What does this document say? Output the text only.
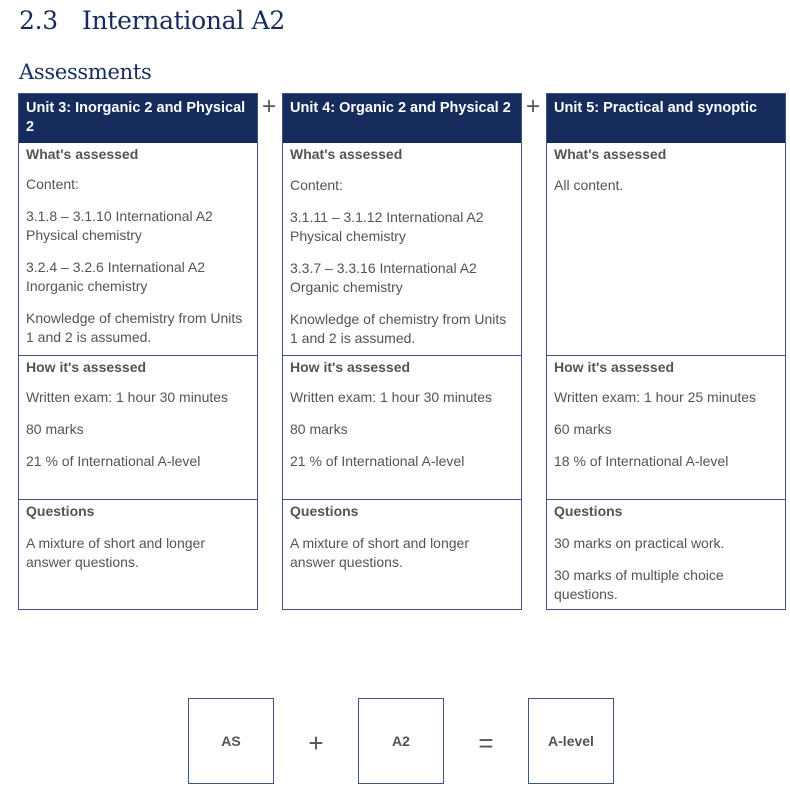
2.3 International A2
Assessments
Unit 3: Inorganic 2 and Physical 2
What's assessed

Content:

3.1.8 – 3.1.10 International A2 Physical chemistry

3.2.4 – 3.2.6 International A2 Inorganic chemistry

Knowledge of chemistry from Units 1 and 2 is assumed.

How it's assessed

Written exam: 1 hour 30 minutes

80 marks

21 % of International A-level

Questions

A mixture of short and longer answer questions.

+ Unit 4: Organic 2 and Physical 2
What's assessed

Content:

3.1.11 – 3.1.12 International A2 Physical chemistry

3.3.7 – 3.3.16 International A2 Organic chemistry

Knowledge of chemistry from Units 1 and 2 is assumed.

How it's assessed

Written exam: 1 hour 30 minutes

80 marks

21 % of International A-level

Questions

A mixture of short and longer answer questions.

+ Unit 5: Practical and synoptic
What's assessed

All content.

How it's assessed

Written exam: 1 hour 25 minutes

60 marks

18 % of International A-level

Questions

30 marks on practical work.

30 marks of multiple choice questions.

AS	+	A2	=	A-level
